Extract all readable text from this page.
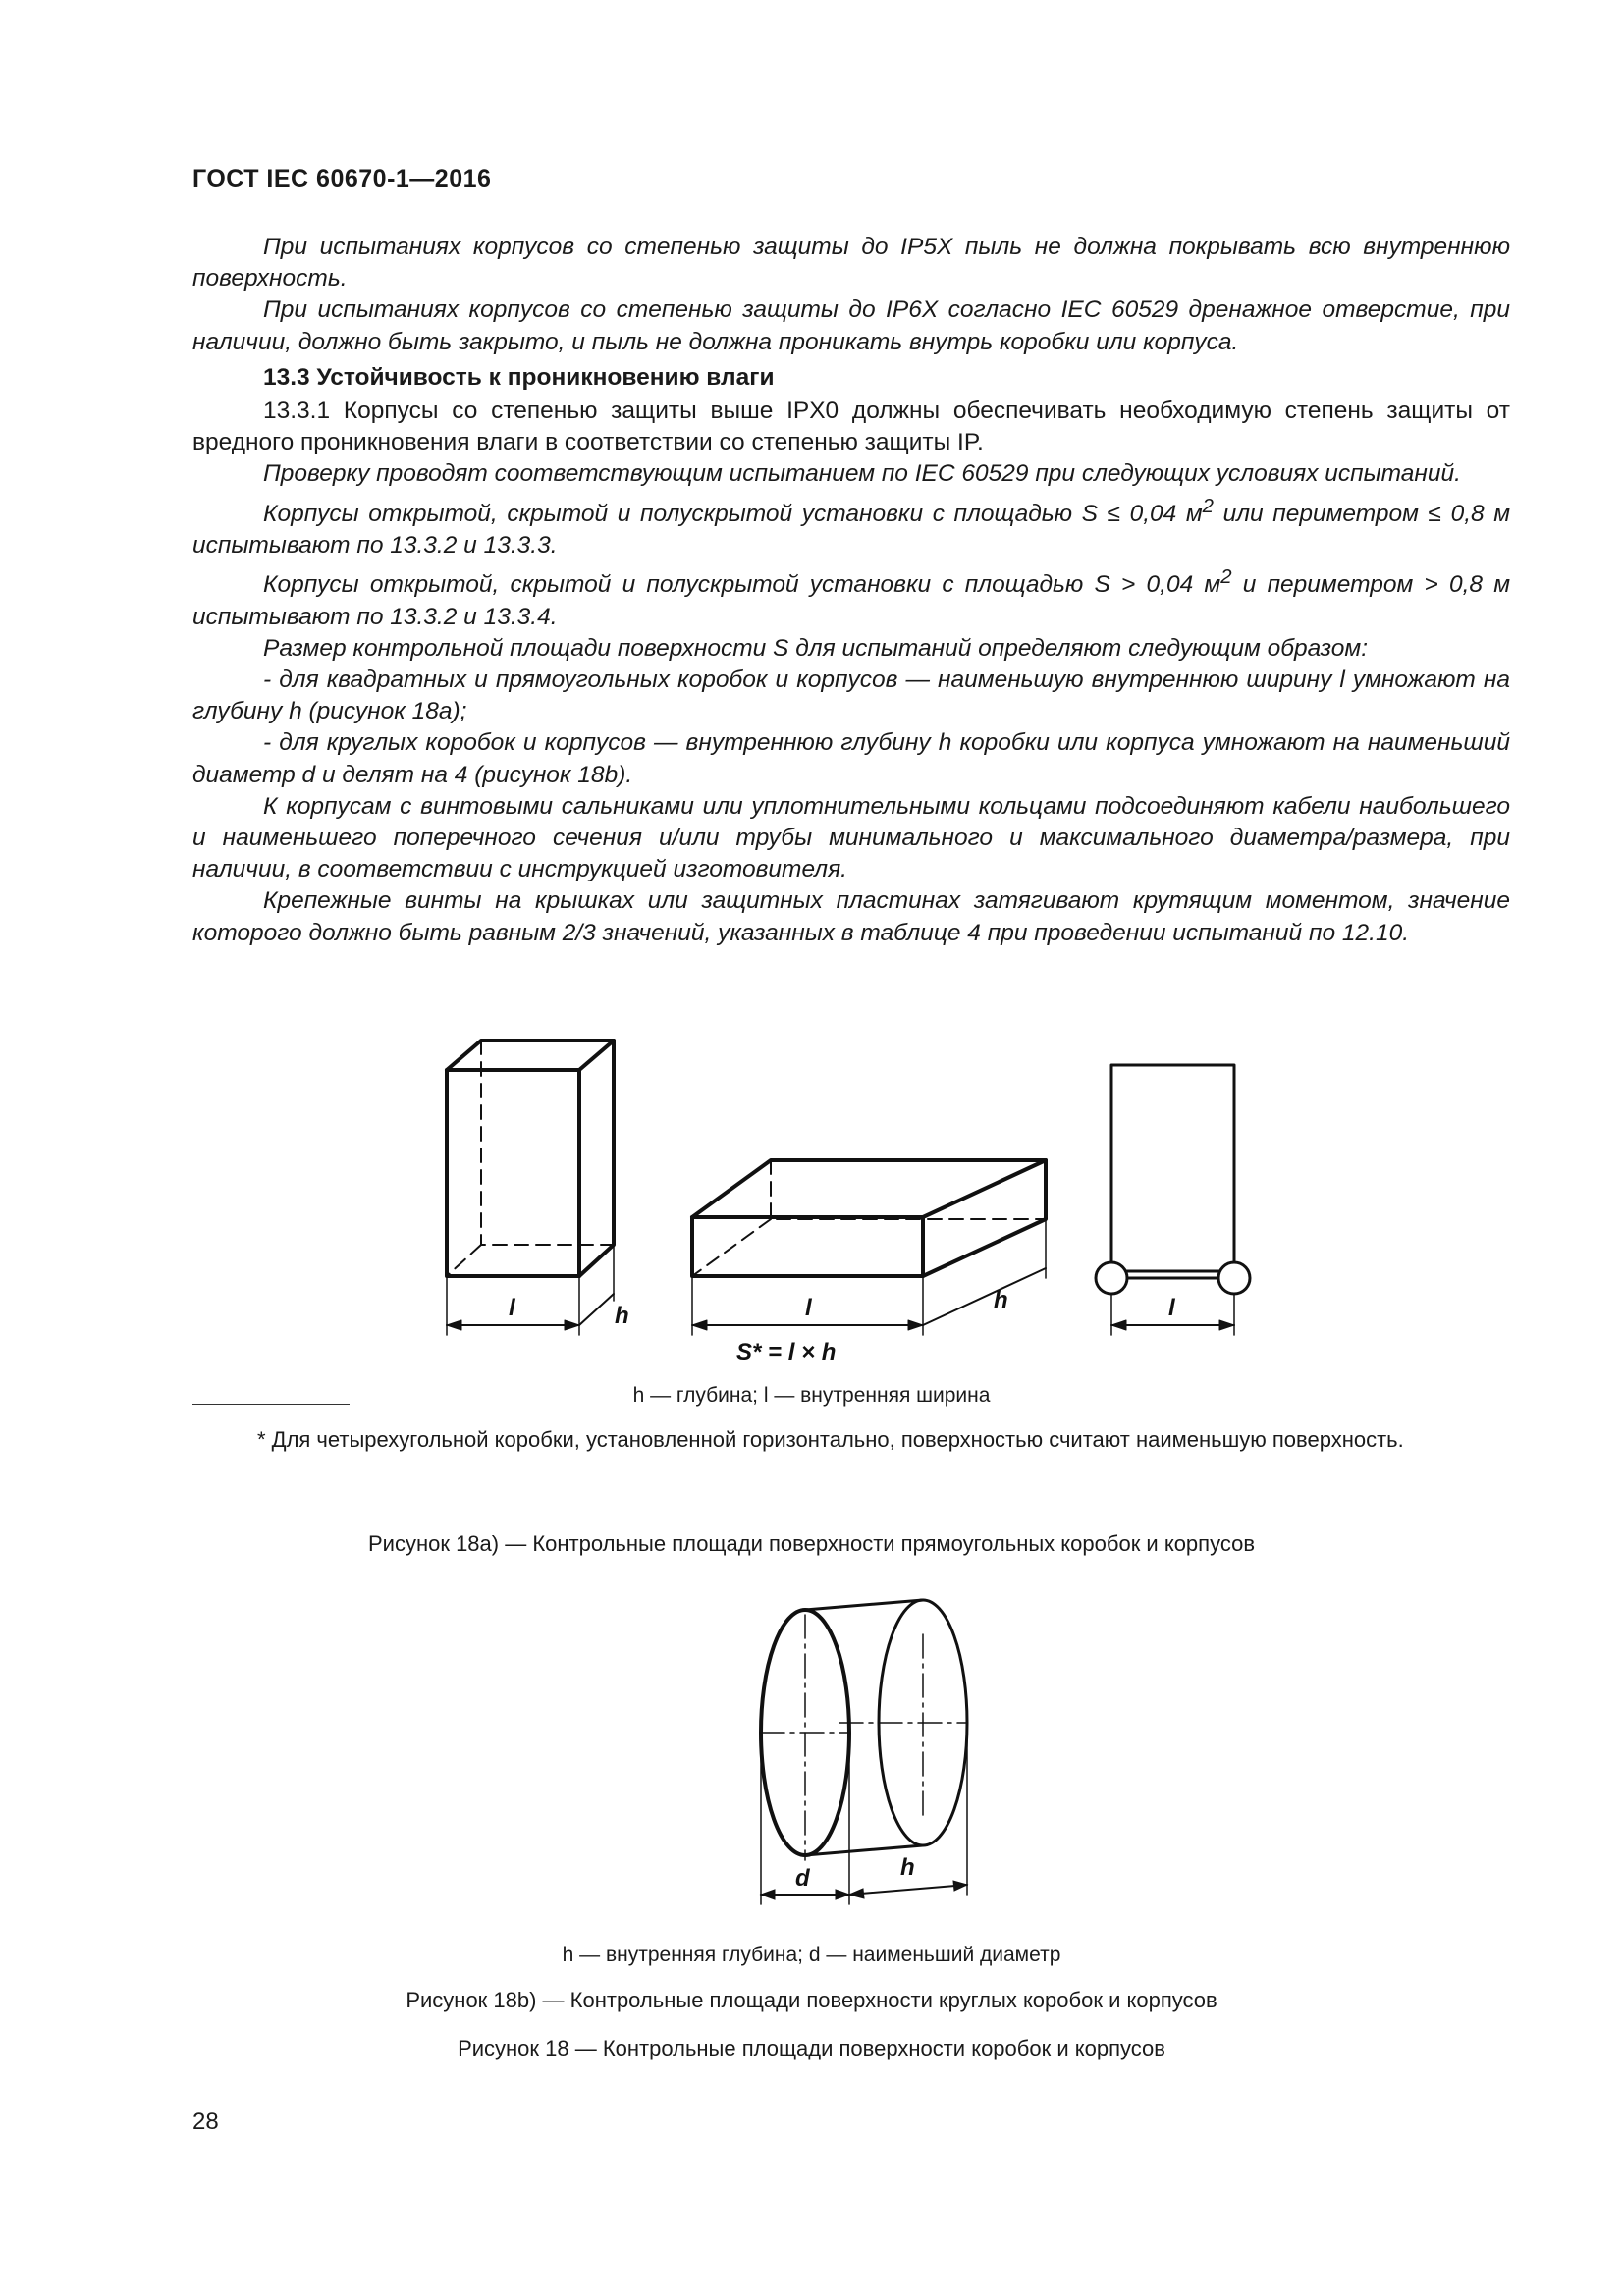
ГОСТ IEC 60670-1—2016

При испытаниях корпусов со степенью защиты до IP5X пыль не должна покрывать всю внутреннюю поверхность.

При испытаниях корпусов со степенью защиты до IP6X согласно IEC 60529 дренажное отверстие, при наличии, должно быть закрыто, и пыль не должна проникать внутрь коробки или корпуса.

13.3 Устойчивость к проникновению влаги

13.3.1 Корпусы со степенью защиты выше IPX0 должны обеспечивать необходимую степень защиты от вредного проникновения влаги в соответствии со степенью защиты IP.

Проверку проводят соответствующим испытанием по IEC 60529 при следующих условиях испытаний.

Корпусы открытой, скрытой и полускрытой установки с площадью S ≤ 0,04 $м^2$ или периметром ≤ 0,8 м испытывают по 13.3.2 и 13.3.3.

Корпусы открытой, скрытой и полускрытой установки с площадью S > 0,04 $м^2$ и периметром > 0,8 м испытывают по 13.3.2 и 13.3.4.

Размер контрольной площади поверхности S для испытаний определяют следующим образом:

- для квадратных и прямоугольных коробок и корпусов — наименьшую внутреннюю ширину l умножают на глубину h (рисунок 18a);

- для круглых коробок и корпусов — внутреннюю глубину h коробки или корпуса умножают на наименьший диаметр d и делят на 4 (рисунок 18b).

К корпусам с винтовыми сальниками или уплотнительными кольцами подсоединяют кабели наибольшего и наименьшего поперечного сечения и/или трубы минимального и максимального диаметра/размера, при наличии, в соответствии с инструкцией изготовителя.

Крепежные винты на крышках или защитных пластинах затягивают крутящим моментом, значение которого должно быть равным 2/3 значений, указанных в таблице 4 при проведении испытаний по 12.10.

l	h	l	h	l
S* = l × h
h — глубина; l — внутренняя ширина
* Для четырехугольной коробки, установленной горизонтально, поверхностью считают наименьшую поверхность.
Рисунок 18а) — Контрольные площади поверхности прямоугольных коробок и корпусов
d	h
h — внутренняя глубина; d — наименьший диаметр
Рисунок 18b) — Контрольные площади поверхности круглых коробок и корпусов
Рисунок 18 — Контрольные площади поверхности коробок и корпусов
28
